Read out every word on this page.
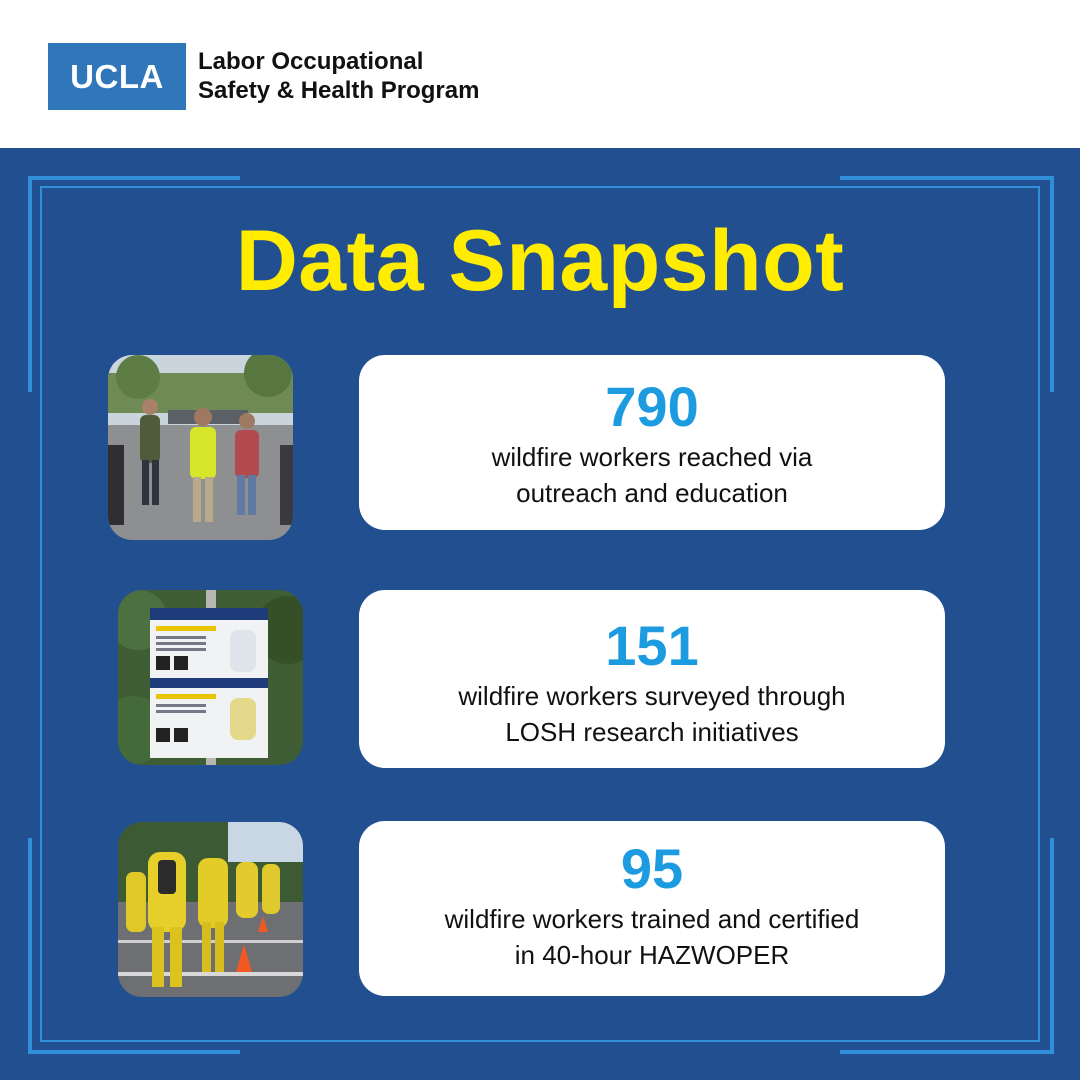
UCLA	Labor Occupational
Safety & Health Program
Data Snapshot
790
wildfire workers reached via
outreach and education
151
wildfire workers surveyed through
LOSH research initiatives
95
wildfire workers trained and certified
in 40-hour HAZWOPER
